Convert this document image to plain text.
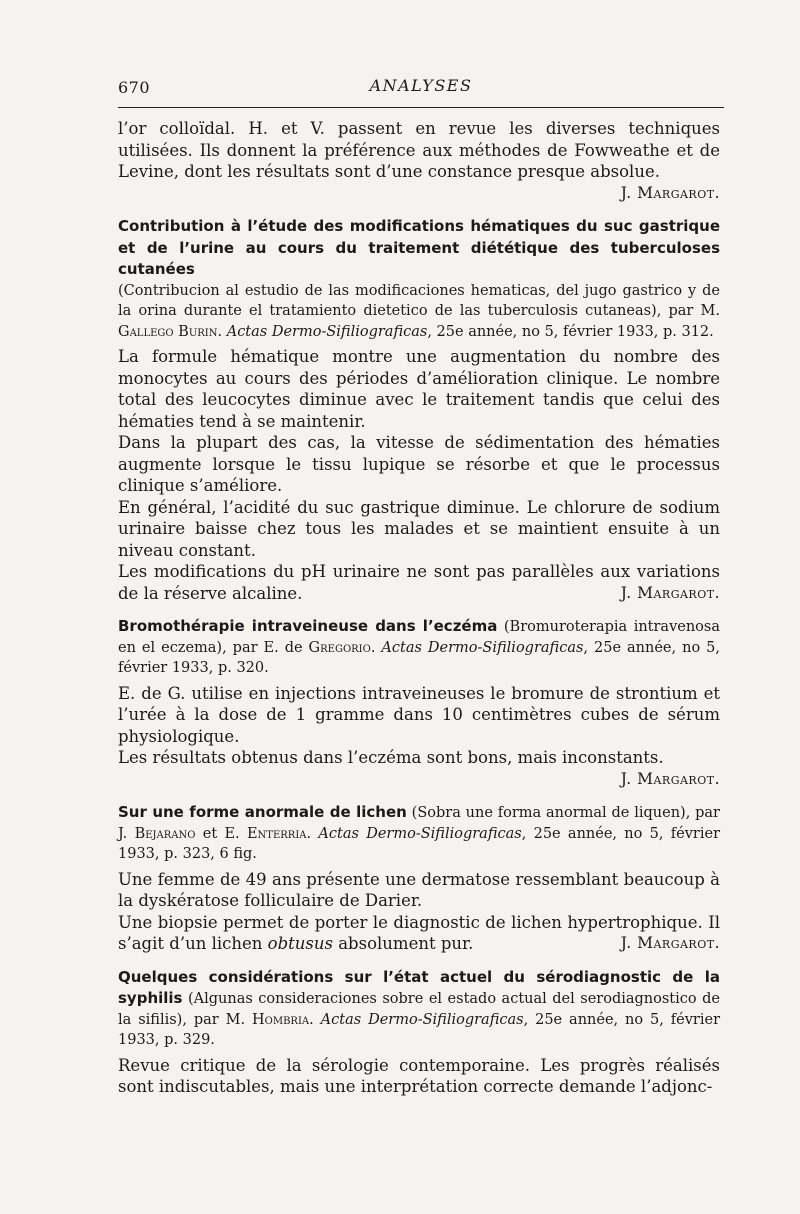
670	ANALYSES

l’or colloïdal. H. et V. passent en revue les diverses techniques utilisées. Ils donnent la préférence aux méthodes de Fowweathe et de Levine, dont les résultats sont d’une constance presque absolue.

J. Margarot.

Contribution à l’étude des modifications hématiques du suc gastrique et de l’urine au cours du traitement diététique des tuberculoses cutanées
(Contribucion al estudio de las modificaciones hematicas, del jugo gastrico y de la orina durante el tratamiento dietetico de las tuberculosis cutaneas), par M. Gallego Burin. Actas Dermo-Sifiliograficas, 25e année, no 5, février 1933, p. 312.

La formule hématique montre une augmentation du nombre des monocytes au cours des périodes d’amélioration clinique. Le nombre total des leucocytes diminue avec le traitement tandis que celui des hématies tend à se maintenir.

Dans la plupart des cas, la vitesse de sédimentation des hématies augmente lorsque le tissu lupique se résorbe et que le processus clinique s’améliore.

En général, l’acidité du suc gastrique diminue. Le chlorure de sodium urinaire baisse chez tous les malades et se maintient ensuite à un niveau constant.

Les modifications du pH urinaire ne sont pas parallèles aux variations de la réserve alcaline.	J. Margarot.

Bromothérapie intraveineuse dans l’eczéma (Bromuroterapia intravenosa en el eczema), par E. de Gregorio. Actas Dermo-Sifiliograficas, 25e année, no 5, février 1933, p. 320.

E. de G. utilise en injections intraveineuses le bromure de strontium et l’urée à la dose de 1 gramme dans 10 centimètres cubes de sérum physiologique.

Les résultats obtenus dans l’eczéma sont bons, mais inconstants.

J. Margarot.

Sur une forme anormale de lichen (Sobra une forma anormal de liquen), par J. Bejarano et E. Enterria. Actas Dermo-Sifiliograficas, 25e année, no 5, février 1933, p. 323, 6 fig.

Une femme de 49 ans présente une dermatose ressemblant beaucoup à la dyskératose folliculaire de Darier.

Une biopsie permet de porter le diagnostic de lichen hypertrophique. Il s’agit d’un lichen obtusus absolument pur.	J. Margarot.

Quelques considérations sur l’état actuel du sérodiagnostic de la syphilis (Algunas consideraciones sobre el estado actual del serodiagnostico de la sifilis), par M. Hombria. Actas Dermo-Sifiliograficas, 25e année, no 5, février 1933, p. 329.

Revue critique de la sérologie contemporaine. Les progrès réalisés sont indiscutables, mais une interprétation correcte demande l’adjonc-
